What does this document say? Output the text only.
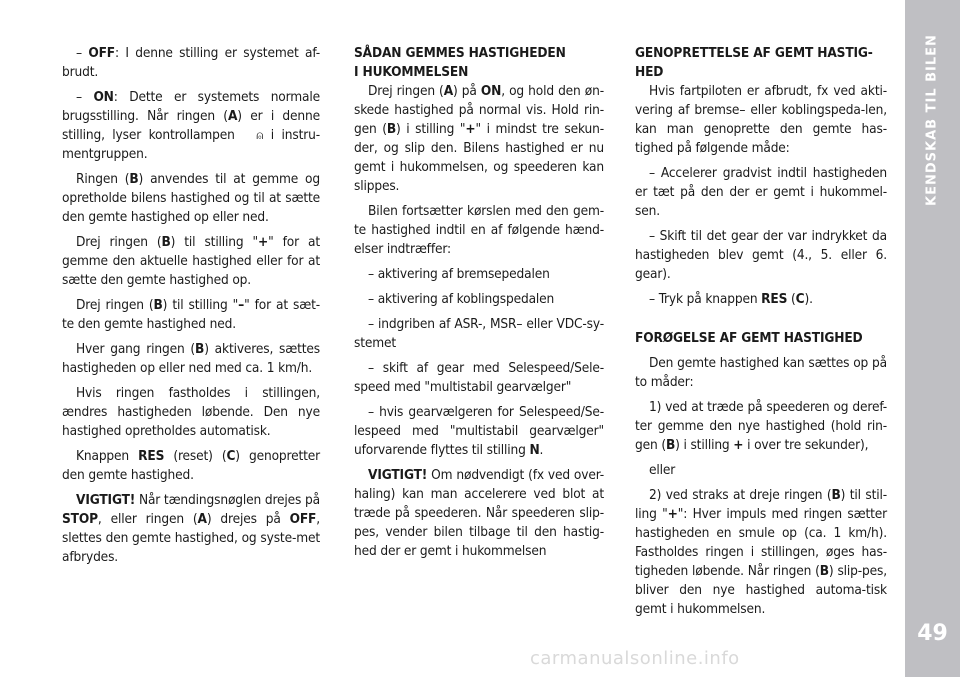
KENDSKAB TIL BILEN
49
carmanualsonline.info

– OFF: I denne stilling er systemet af-brudt.

– ON: Dette er systemets normale brugsstilling. Når ringen (A) er i denne stilling, lyser kontrollampen ⍝ i instru-mentgruppen.

Ringen (B) anvendes til at gemme og opretholde bilens hastighed og til at sætte den gemte hastighed op eller ned.

Drej ringen (B) til stilling "+" for at gemme den aktuelle hastighed eller for at sætte den gemte hastighed op.

Drej ringen (B) til stilling "–" for at sæt-te den gemte hastighed ned.

Hver gang ringen (B) aktiveres, sættes hastigheden op eller ned med ca. 1 km/h.

Hvis ringen fastholdes i stillingen, ændres hastigheden løbende. Den nye hastighed opretholdes automatisk.

Knappen RES (reset) (C) genopretter den gemte hastighed.

VIGTIGT! Når tændingsnøglen drejes på STOP, eller ringen (A) drejes på OFF, slettes den gemte hastighed, og syste-met afbrydes.

SÅDAN GEMMES HASTIGHEDEN
I HUKOMMELSEN

Drej ringen (A) på ON, og hold den øn-skede hastighed på normal vis. Hold rin-gen (B) i stilling "+" i mindst tre sekun-der, og slip den. Bilens hastighed er nu gemt i hukommelsen, og speederen kan slippes.

Bilen fortsætter kørslen med den gem-te hastighed indtil en af følgende hænd-elser indtræffer:

– aktivering af bremsepedalen

– aktivering af koblingspedalen

– indgriben af ASR-, MSR– eller VDC-sy-stemet

– skift af gear med Selespeed/Sele-speed med "multistabil gearvælger"

– hvis gearvælgeren for Selespeed/Se-lespeed med "multistabil gearvælger" uforvarende flyttes til stilling N.

VIGTIGT! Om nødvendigt (fx ved over-haling) kan man accelerere ved blot at træde på speederen. Når speederen slip-pes, vender bilen tilbage til den hastig-hed der er gemt i hukommelsen

GENOPRETTELSE AF GEMT HASTIG-
HED

Hvis fartpiloten er afbrudt, fx ved akti-vering af bremse– eller koblingspeda-len, kan man genoprette den gemte has-tighed på følgende måde:

– Accelerer gradvist indtil hastigheden er tæt på den der er gemt i hukommel-sen.

– Skift til det gear der var indrykket da hastigheden blev gemt (4., 5. eller 6. gear).

– Tryk på knappen RES (C).

FORØGELSE AF GEMT HASTIGHED

Den gemte hastighed kan sættes op på to måder:

1) ved at træde på speederen og deref-ter gemme den nye hastighed (hold rin-gen (B) i stilling + i over tre sekunder),

eller

2) ved straks at dreje ringen (B) til stil-ling "+": Hver impuls med ringen sætter hastigheden en smule op (ca. 1 km/h). Fastholdes ringen i stillingen, øges has-tigheden løbende. Når ringen (B) slip-pes, bliver den nye hastighed automa-tisk gemt i hukommelsen.
